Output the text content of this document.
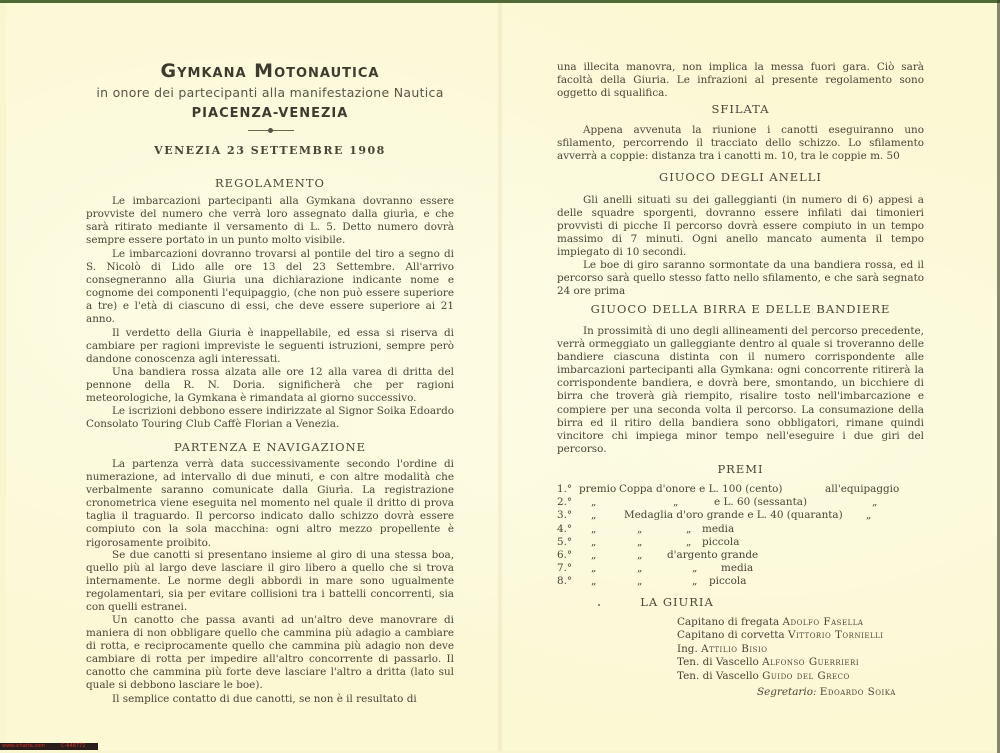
Gymkana Motonautica
in onore dei partecipanti alla manifestazione Nautica
PIACENZA-VENEZIA
VENEZIA 23 SETTEMBRE 1908
REGOLAMENTO
Le imbarcazioni partecipanti alla Gymkana dovranno essere provviste del numero che verrà loro assegnato dalla giurìa, e che sarà ritirato mediante il versamento di L. 5. Detto numero dovrà sempre essere portato in un punto molto visibile.
Le imbarcazioni dovranno trovarsi al pontile del tiro a segno di S. Nicolò di Lido alle ore 13 del 23 Settembre. All'arrivo consegneranno alla Giuria una dichiarazione indicante nome e cognome dei componenti l'equipaggio, (che non può essere superiore a tre) e l'età di ciascuno di essi, che deve essere superiore ai 21 anno.
Il verdetto della Giuria è inappellabile, ed essa si riserva di cambiare per ragioni impreviste le seguenti istruzioni, sempre però dandone conoscenza agli interessati.
Una bandiera rossa alzata alle ore 12 alla varea di dritta del pennone della R. N. Doria. significherà che per ragioni meteorologiche, la Gymkana è rimandata al giorno successivo.
Le iscrizioni debbono essere indirizzate al Signor Soika Edoardo Consolato Touring Club Caffè Florian a Venezia.
PARTENZA E NAVIGAZIONE
La partenza verrà data successivamente secondo l'ordine di numerazione, ad intervallo di due minuti, e con altre modalità che verbalmente saranno comunicate dalla Giurìa. La registrazione cronometrica viene eseguita nel momento nel quale il dritto di prova taglia il traguardo. Il percorso indicato dallo schizzo dovrà essere compiuto con la sola macchina: ogni altro mezzo propellente è rigorosamente proibito.
Se due canotti si presentano insieme al giro di una stessa boa, quello più al largo deve lasciare il giro libero a quello che si trova internamente. Le norme degli abbordi in mare sono ugualmente regolamentari, sia per evitare collisioni tra i battelli concorrenti, sia con quelli estranei.
Un canotto che passa avanti ad un'altro deve manovrare di maniera di non obbligare quello che cammina più adagio a cambiare di rotta, e reciprocamente quello che cammina più adagio non deve cambiare di rotta per impedire all'altro concorrente di passarlo. Il canotto che cammina più forte deve lasciare l'altro a dritta (lato sul quale si debbono lasciare le boe).
Il semplice contatto di due canotti, se non è il resultato di
una illecita manovra, non implica la messa fuori gara. Ciò sarà facoltà della Giuria. Le infrazioni al presente regolamento sono oggetto di squalifica.
SFILATA
Appena avvenuta la riunione i canotti eseguiranno uno sfilamento, percorrendo il tracciato dello schizzo. Lo sfilamento avverrà a coppie: distanza tra i canotti m. 10, tra le coppie m. 50
GIUOCO DEGLI ANELLI
Gli anelli situati su dei galleggianti (in numero di 6) appesi a delle squadre sporgenti, dovranno essere infilati dai timonieri provvisti di picche Il percorso dovrà essere compiuto in un tempo massimo di 7 minuti. Ogni anello mancato aumenta il tempo impiegato di 10 secondi.
Le boe di giro saranno sormontate da una bandiera rossa, ed il percorso sarà quello stesso fatto nello sfilamento, e che sarà segnato 24 ore prima
GIUOCO DELLA BIRRA E DELLE BANDIERE
In prossimità di uno degli allineamenti del percorso precedente, verrà ormeggiato un galleggiante dentro al quale si troveranno delle bandiere ciascuna distinta con il numero corrispondente alle imbarcazioni partecipanti alla Gymkana: ogni concorrente ritirerà la corrispondente bandiera, e dovrà bere, smontando, un bicchiere di birra che troverà già riempito, risalire tosto nell'imbarcazione e compiere per una seconda volta il percorso. La consumazione della birra ed il ritiro della bandiera sono obbligatori, rimane quindi vincitore chi impiega minor tempo nell'eseguire i due giri del percorso.
PREMI
1.° premio Coppa d'onore e L. 100 (cento)	all'equipaggio
2.° „	„	e L. 60 (sessanta)	„
3.° „	Medaglia d'oro grande e L. 40 (quaranta) „
4.° „	„	„ media
5.° „	„	„ piccola
6.° „	„ d'argento grande
7.° „	„	„ media
8.° „	„	„ piccola
LA GIURIA
Capitano di fregata Adolfo Fasella
Capitano di corvetta Vittorio Tornielli
Ing. Attilio Bisio
Ten. di Vascello Alfonso Guerrieri
Ten. di Vascello Guido del Greco
Segretario: Edoardo Soika
www.icharta.com	C-848772
